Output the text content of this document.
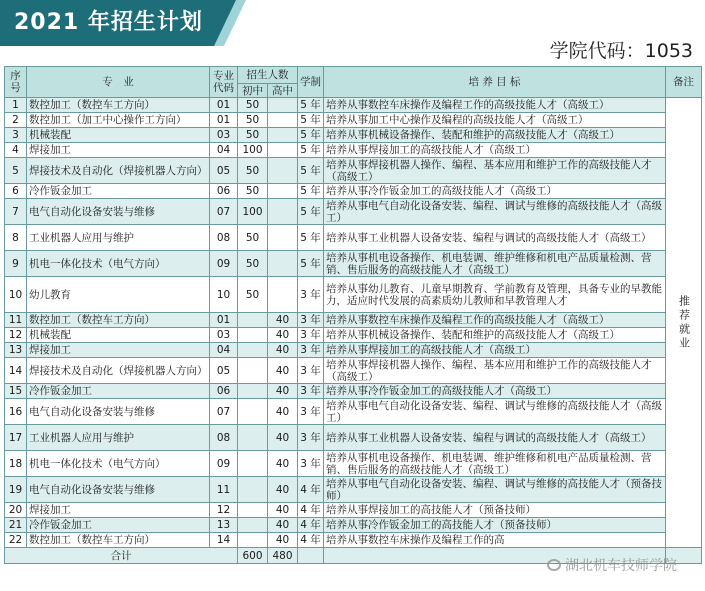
2021 年招生计划
学院代码：1053
序号	专　业	专业代码	招生人数		学制	培 养 目 标	备注
			初中	高中			
1	数控加工（数控车工方向）	01	50		5 年	培养从事数控车床操作及编程工作的高级技能人才（高级工）	推荐就业
2	数控加工（加工中心操作工方向）	01	50		5 年	培养从事加工中心操作及编程的高级技能人才（高级工）	
3	机械装配	03	50		5 年	培养从事机械设备操作、装配和维护的高级技能人才（高级工）	
4	焊接加工	04	100		5 年	培养从事焊接加工的高级技能人才（高级工）	
5	焊接技术及自动化（焊接机器人方向）	05	50		5 年	培养从事焊接机器人操作、编程、基本应用和维护工作的高级技能人才（高级工）	
6	冷作钣金加工	06	50		5 年	培养从事冷作钣金加工的高级技能人才（高级工）	
7	电气自动化设备安装与维修	07	100		5 年	培养从事电气自动化设备安装、编程、调试与维修的高级技能人才（高级工）	
8	工业机器人应用与维护	08	50		5 年	培养从事工业机器人设备安装、编程与调试的高级技能人才（高级工）	
9	机电一体化技术（电气方向）	09	50		5 年	培养从事机电设备操作、机电装调、维护维修和机电产品质量检测、营销、售后服务的高级技能人才（高级工）	
10	幼儿教育	10	50		3 年	培养从事幼儿教育、儿童早期教育、学前教育及管理，具备专业的早教能力，适应时代发展的高素质幼儿教师和早教管理人才	
11	数控加工（数控车工方向）	01		40	3 年	培养从事数控车床操作及编程工作的高级技能人才（高级工）	
12	机械装配	03		40	3 年	培养从事机械设备操作、装配和维护的高级技能人才（高级工）	
13	焊接加工	04		40	3 年	培养从事焊接加工的高级技能人才（高级工）	
14	焊接技术及自动化（焊接机器人方向）	05		40	3 年	培养从事焊接机器人操作、编程、基本应用和维护工作的高级技能人才（高级工）	
15	冷作钣金加工	06		40	3 年	培养从事冷作钣金加工的高级技能人才（高级工）	
16	电气自动化设备安装与维修	07		40	3 年	培养从事电气自动化设备安装、编程、调试与维修的高级技能人才（高级工）	
17	工业机器人应用与维护	08		40	3 年	培养从事工业机器人设备安装、编程与调试的高级技能人才（高级工）	
18	机电一体化技术（电气方向）	09		40	3 年	培养从事机电设备操作、机电装调、维护维修和机电产品质量检测、营销、售后服务的高级技能人才（高级工）	
19	电气自动化设备安装与维修	11		40	4 年	培养从事电气自动化设备安装、编程、调试与维修的高技能人才（预备技师）	
20	焊接加工	12		40	4 年	培养从事焊接加工的高技能人才（预备技师）	
21	冷作钣金加工	13		40	4 年	培养从事冷作钣金加工的高技能人才（预备技师）	
22	数控加工（数控车工方向）	14		40	4 年	培养从事数控车床操作及编程工作的高	
合计			600	480			
湖北机车技师学院
